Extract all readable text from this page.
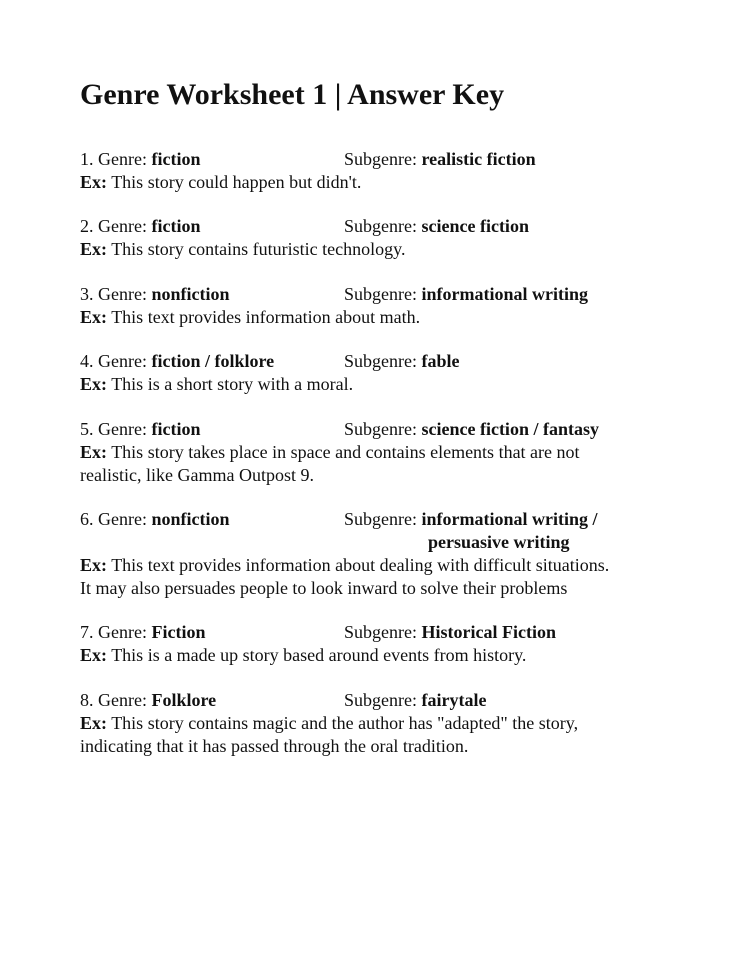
Genre Worksheet 1 | Answer Key
1. Genre: fiction	Subgenre: realistic fiction
Ex: This story could happen but didn't.
2. Genre: fiction	Subgenre: science fiction
Ex: This story contains futuristic technology.
3. Genre: nonfiction	Subgenre: informational writing
Ex: This text provides information about math.
4. Genre: fiction / folklore	Subgenre: fable
Ex: This is a short story with a moral.
5. Genre: fiction	Subgenre: science fiction / fantasy
Ex: This story takes place in space and contains elements that are not
realistic, like Gamma Outpost 9.
6. Genre: nonfiction	Subgenre: informational writing /
persuasive writing
Ex: This text provides information about dealing with difficult situations.
It may also persuades people to look inward to solve their problems
7. Genre: Fiction	Subgenre: Historical Fiction
Ex: This is a made up story based around events from history.
8. Genre: Folklore	Subgenre: fairytale
Ex: This story contains magic and the author has "adapted" the story,
indicating that it has passed through the oral tradition.
